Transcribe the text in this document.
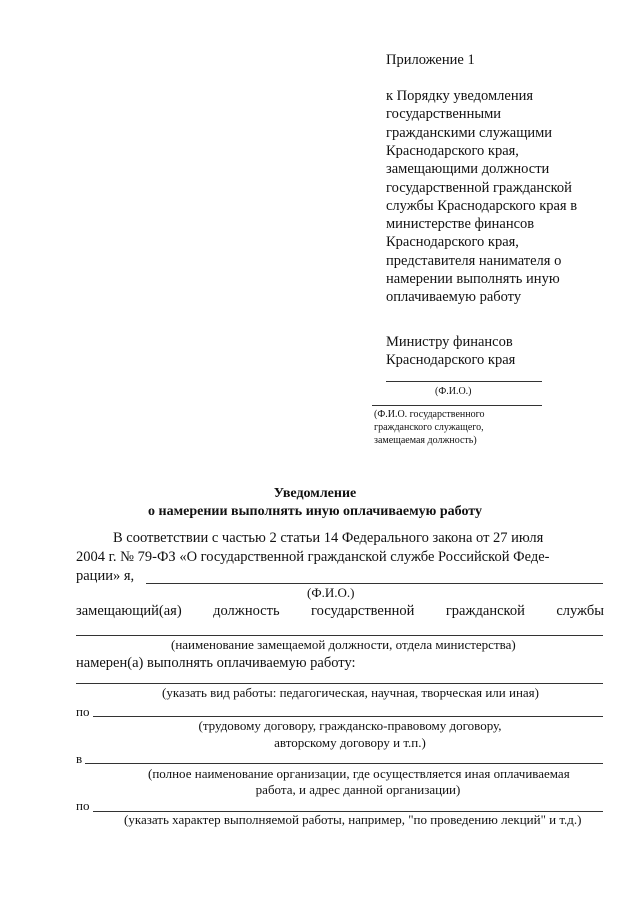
Приложение 1
к Порядку уведомления
государственными
гражданскими служащими
Краснодарского края,
замещающими должности
государственной гражданской
службы Краснодарского края в
министерстве финансов
Краснодарского края,
представителя нанимателя о
намерении выполнять иную
оплачиваемую работу
Министру финансов
Краснодарского края
(Ф.И.О.)
(Ф.И.О. государственного
гражданского служащего,
замещаемая должность)
Уведомление
о намерении выполнять иную оплачиваемую работу
В соответствии с частью 2 статьи 14 Федерального закона от 27 июля
2004 г. № 79-ФЗ «О государственной гражданской службе Российской Феде-
рации» я,
(Ф.И.О.)
замещающий(ая) должность государственной гражданской службы
(наименование замещаемой должности, отдела министерства)
намерен(а) выполнять оплачиваемую работу:
(указать вид работы: педагогическая, научная, творческая или иная)
по
(трудовому договору, гражданско-правовому договору,
авторскому договору и т.п.)
в
(полное наименование организации, где осуществляется иная оплачиваемая
работа, и адрес данной организации)
по
(указать характер выполняемой работы, например, "по проведению лекций" и т.д.)
